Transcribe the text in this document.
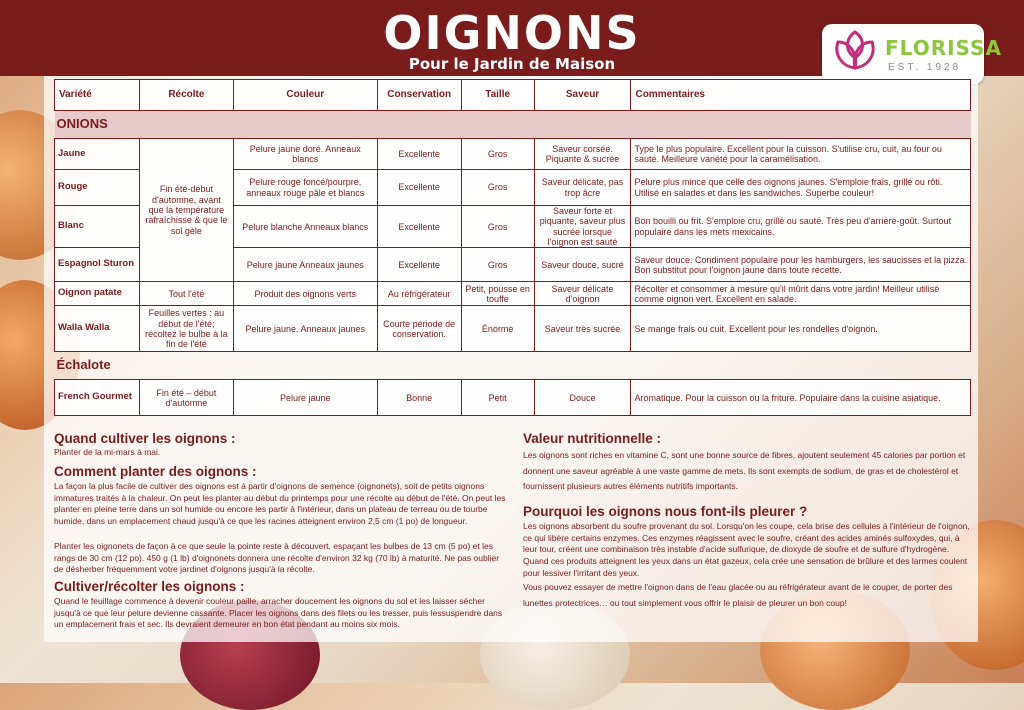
OIGNONS
Pour le Jardin de Maison
FLORISSA
EST. 1928
Variété	Récolte	Couleur	Conservation	Taille	Saveur	Commentaires
ONIONS						
Jaune	Fin été-début d'automne, avant que la température rafraîchisse & que le sol gèle	Pelure jaune doré. Anneaux blancs	Excellente	Gros	Saveur corsée. Piquante & sucrée	Type le plus populaire. Excellent pour la cuisson. S'utilise cru, cuit, au four ou sauté. Meilleure variété pour la caramélisation.
Rouge		Pelure rouge foncé/pourpre, anneaux rouge pâle et blancs	Excellente	Gros	Saveur délicate, pas trop âcre	Pelure plus mince que celle des oignons jaunes. S'emploie frais, grillé ou rôti. Utilisé en salades et dans les sandwiches. Superbe couleur!
Blanc		Pelure blanche Anneaux blancs	Excellente	Gros	Saveur forte et piquante, saveur plus sucrée lorsque l'oignon est sauté	Bon bouilli ou frit. S'emploie cru, grillé ou sauté. Très peu d'arrière-goût. Surtout populaire dans les mets mexicains.
Espagnol Sturon		Pelure jaune Anneaux jaunes	Excellente	Gros	Saveur douce, sucré	Saveur douce. Condiment populaire pour les hamburgers, les saucisses et la pizza. Bon substitut pour l'oignon jaune dans toute recette.
Oignon patate	Tout l'été	Produit des oignons verts	Au réfrigérateur	Petit, pousse en touffe	Saveur délicate d'oignon	Récolter et consommer à mesure qu'il mûrit dans votre jardin! Meilleur utilisé comme oignon vert. Excellent en salade.
Walla Walla	Feuilles vertes : au début de l'été; récoltez le bulbe à la fin de l'été	Pelure jaune. Anneaux jaunes	Courte période de conservation.	Énorme	Saveur très sucrée	Se mange frais ou cuit. Excellent pour les rondelles d'oignon.
Échalote						
French Gourmet	Fin été – début d'automne	Pelure jaune	Bonne	Petit	Douce	Aromatique. Pour la cuisson ou la friture. Populaire dans la cuisine asiatique.
Quand cultiver les oignons :

Planter de la mi-mars à mai.

Comment planter des oignons :

La façon la plus facile de cultiver des oignons est à partir d'oignons de semence (oignonets), soit de petits oignons immatures traités à la chaleur. On peut les planter au début du printemps pour une récolte au début de l'été. On peut les planter en pleine terre dans un sol humide ou encore les partir à l'intérieur, dans un plateau de terreau ou de tourbe humide, dans un emplacement chaud jusqu'à ce que les racines atteignent environ 2,5 cm (1 po) de longueur.

Planter les oignonets de façon à ce que seule la pointe reste à découvert, espaçant les bulbes de 13 cm (5 po) et les rangs de 30 cm (12 po). 450 g (1 lb) d'oignonets donnera une récolte d'environ 32 kg (70 lb) à maturité. Ne pas oublier de désherber fréquemment votre jardinet d'oignons jusqu'à la récolte.

Cultiver/récolter les oignons :

Quand le feuillage commence à devenir couleur paille, arracher doucement les oignons du sol et les laisser sécher jusqu'à ce que leur pelure devienne cassante. Placer les oignons dans des filets ou les tresser, puis lessuspendre dans un emplacement frais et sec. Ils devraient demeurer en bon état pendant au moins six mois.

Valeur nutritionnelle :

Les oignons sont riches en vitamine C, sont une bonne source de fibres, ajoutent seulement 45 calories par portion et donnent une saveur agréable à une vaste gamme de mets. Ils sont exempts de sodium, de gras et de cholestérol et fournissent plusieurs autres éléments nutritifs importants.

Pourquoi les oignons nous font-ils pleurer ?

Les oignons absorbent du soufre provenant du sol. Lorsqu'on les coupe, cela brise des cellules à l'intérieur de l'oignon, ce qui libère certains enzymes. Ces enzymes réagissent avec le soufre, créant des acides aminés sulfoxydes, qui, à leur tour, créent une combinaison très instable d'acide sulfurique, de dioxyde de soufre et de sulfure d'hydrogène. Quand ces produits atteignent les yeux dans un état gazeux, cela crée une sensation de brûlure et des larmes coulent pour lessiver l'irritant des yeux.

Vous pouvez essayer de mettre l'oignon dans de l'eau glacée ou au réfrigérateur avant de le couper, de porter des lunettes protectrices… ou tout simplement vous offrir le plaisir de pleurer un bon coup!
